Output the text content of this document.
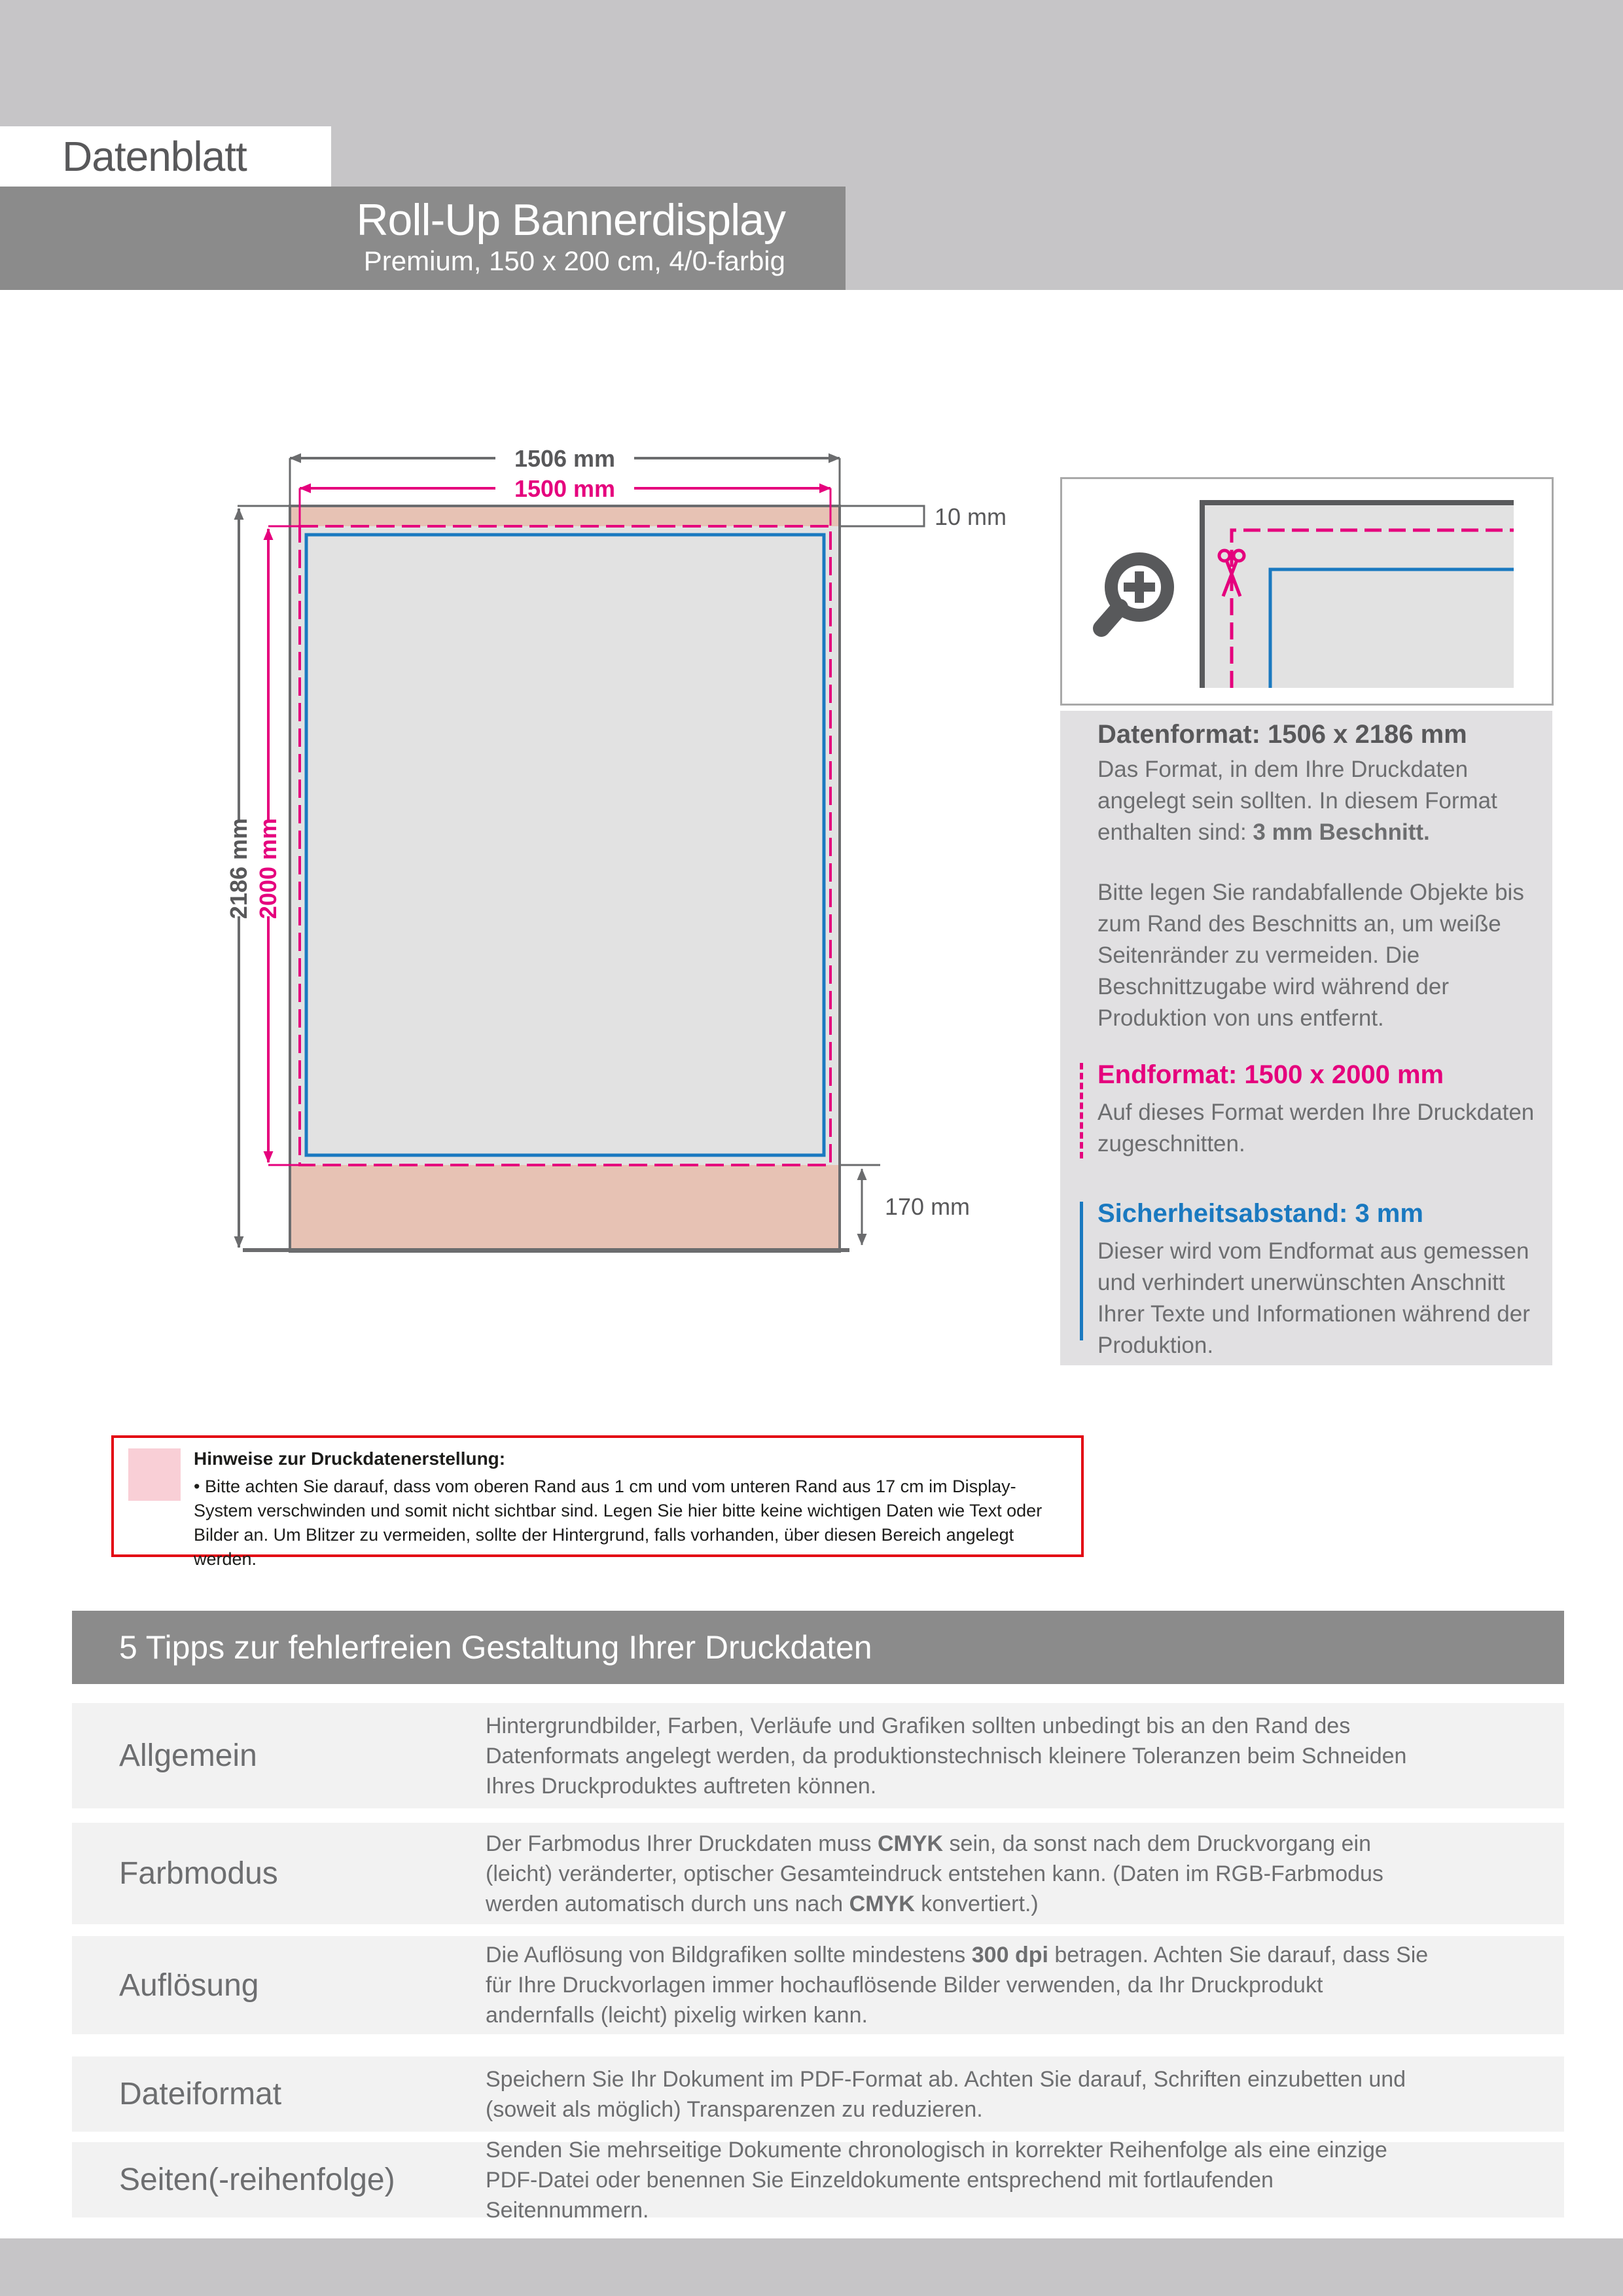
Datenblatt
Roll-Up Bannerdisplay
Premium, 150 x 200 cm, 4/0-farbig
1506 mm
1500 mm
2186 mm 2000 mm
10 mm
170 mm
Datenformat: 1506 x 2186 mm
Das Format, in dem Ihre Druckdaten angelegt sein sollten. In diesem Format enthalten sind: 3 mm Beschnitt.
Bitte legen Sie randabfallende Objekte bis zum Rand des Beschnitts an, um weiße Seitenränder zu vermeiden. Die Beschnittzugabe wird während der Produktion von uns entfernt.
Endformat: 1500 x 2000 mm
Auf dieses Format werden Ihre Druckdaten zugeschnitten.
Sicherheitsabstand: 3 mm
Dieser wird vom Endformat aus gemessen und verhindert unerwünschten Anschnitt Ihrer Texte und Informationen während der Produktion.
Hinweise zur Druckdatenerstellung:
• Bitte achten Sie darauf, dass vom oberen Rand aus 1 cm und vom unteren Rand aus 17 cm im Display-System verschwinden und somit nicht sichtbar sind. Legen Sie hier bitte keine wichtigen Daten wie Text oder Bilder an. Um Blitzer zu vermeiden, sollte der Hintergrund, falls vorhanden, über diesen Bereich angelegt werden.
5 Tipps zur fehlerfreien Gestaltung Ihrer Druckdaten
Allgemein
Hintergrundbilder, Farben, Verläufe und Grafiken sollten unbedingt bis an den Rand des Datenformats angelegt werden, da produktionstechnisch kleinere Toleranzen beim Schneiden Ihres Druckproduktes auftreten können.
Farbmodus
Der Farbmodus Ihrer Druckdaten muss CMYK sein, da sonst nach dem Druckvorgang ein (leicht) veränderter, optischer Gesamteindruck entstehen kann. (Daten im RGB-Farbmodus werden automatisch durch uns nach CMYK konvertiert.)
Auflösung
Die Auflösung von Bildgrafiken sollte mindestens 300 dpi betragen. Achten Sie darauf, dass Sie für Ihre Druckvorlagen immer hochauflösende Bilder verwenden, da Ihr Druckprodukt andernfalls (leicht) pixelig wirken kann.
Dateiformat	Speichern Sie Ihr Dokument im PDF-Format ab. Achten Sie darauf, Schriften einzubetten und (soweit als möglich) Transparenzen zu reduzieren.
Seiten(-reihenfolge)
Senden Sie mehrseitige Dokumente chronologisch in korrekter Reihenfolge als eine einzige PDF-Datei oder benennen Sie Einzeldokumente entsprechend mit fortlaufenden Seitennummern.
